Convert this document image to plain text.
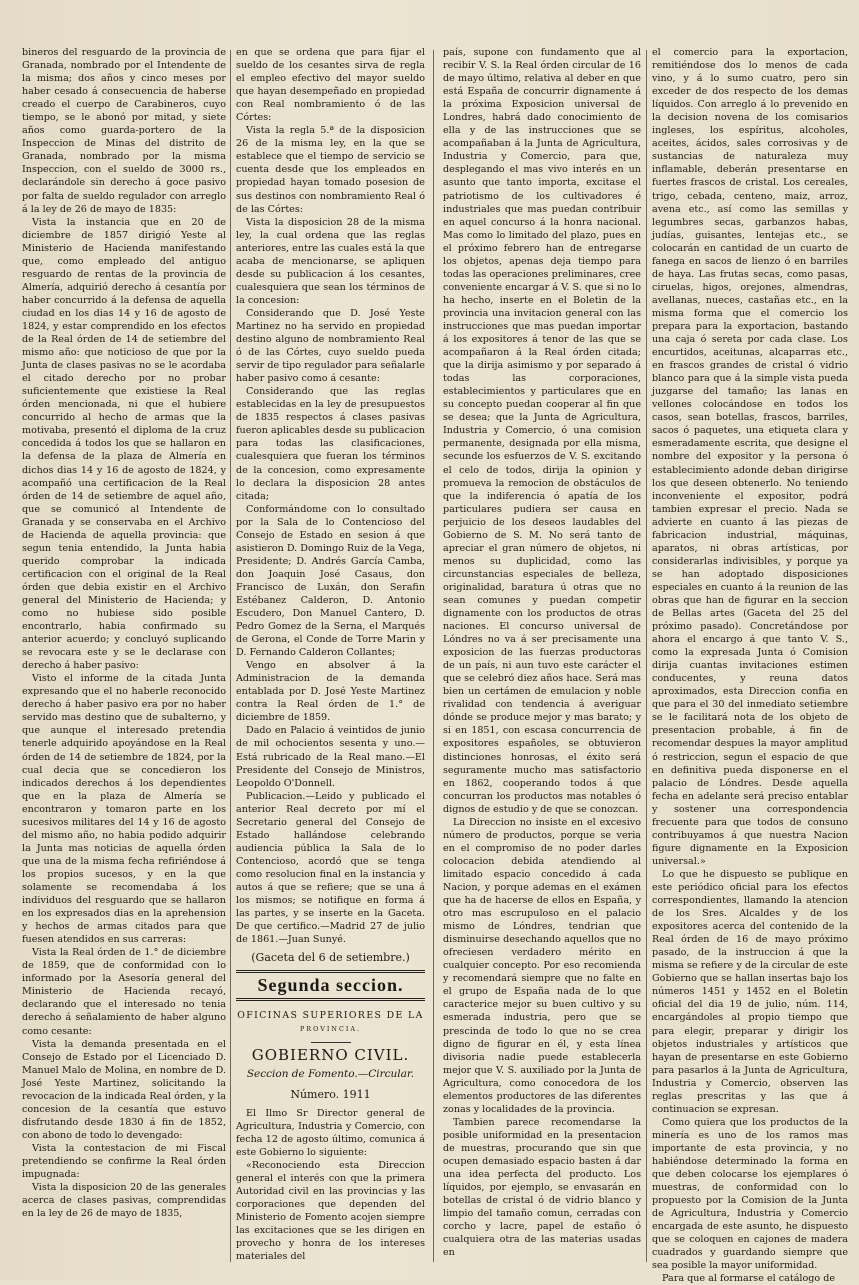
bineros del resguardo de la provincia de Granada, nombrado por el Intendente de la misma; dos años y cinco meses por haber cesado á consecuencia de haberse creado el cuerpo de Carabineros, cuyo tiempo, se le abonó por mitad, y siete años como guarda-portero de la Inspeccion de Minas del distrito de Granada, nombrado por la misma Inspeccion, con el sueldo de 3000 rs., declarándole sin derecho á goce pasivo por falta de sueldo regulador con arreglo á la ley de 26 de mayo de 1835:

Vista la instancia que en 20 de diciembre de 1857 dirigió Yeste al Ministerio de Hacienda manifestando que, como empleado del antiguo resguardo de rentas de la provincia de Almería, adquirió derecho á cesantía por haber concurrido á la defensa de aquella ciudad en los dias 14 y 16 de agosto de 1824, y estar comprendido en los efectos de la Real órden de 14 de setiembre del mismo año: que noticioso de que por la Junta de clases pasivas no se le acordaba el citado derecho por no probar suficientemente que existiese la Real órden mencionada, ni que el hubiere concurrido al hecho de armas que la motivaba, presentó el diploma de la cruz concedida á todos los que se hallaron en la defensa de la plaza de Almería en dichos dias 14 y 16 de agosto de 1824, y acompañó una certificacion de la Real órden de 14 de setiembre de aquel año, que se comunicó al Intendente de Granada y se conservaba en el Archivo de Hacienda de aquella provincia: que segun tenia entendido, la Junta habia querido comprobar la indicada certificacion con el original de la Real órden que debia existir en el Archivo general del Ministerio de Hacienda; y como no hubiese sido posible encontrarlo, habia confirmado su anterior acuerdo; y concluyó suplicando se revocara este y se le declarase con derecho á haber pasivo:

Visto el informe de la citada Junta expresando que el no haberle reconocido derecho á haber pasivo era por no haber servido mas destino que de subalterno, y que aunque el interesado pretendia tenerle adquirido apoyándose en la Real órden de 14 de setiembre de 1824, por la cual decia que se concedieron los indicados derechos á los dependientes que en la plaza de Almería se encontraron y tomaron parte en los sucesivos militares del 14 y 16 de agosto del mismo año, no habia podido adquirir la Junta mas noticias de aquella órden que una de la misma fecha refiriéndose á los propios sucesos, y en la que solamente se recomendaba á los individuos del resguardo que se hallaron en los expresados dias en la aprehension y hechos de armas citados para que fuesen atendidos en sus carreras:

Vista la Real órden de 1.° de diciembre de 1859, que de conformidad con lo informado por la Asesoría general del Ministerio de Hacienda recayó, declarando que el interesado no tenia derecho á señalamiento de haber alguno como cesante:

Vista la demanda presentada en el Consejo de Estado por el Licenciado D. Manuel Malo de Molina, en nombre de D. José Yeste Martinez, solicitando la revocacion de la indicada Real órden, y la concesion de la cesantía que estuvo disfrutando desde 1830 á fin de 1852, con abono de todo lo devengado:

Vista la contestacion de mi Fiscal pretendiendo se confirme la Real órden impugnada:

Vista la disposicion 20 de las generales acerca de clases pasivas, comprendidas en la ley de 26 de mayo de 1835,

en que se ordena que para fijar el sueldo de los cesantes sirva de regla el empleo efectivo del mayor sueldo que hayan desempeñado en propiedad con Real nombramiento ó de las Córtes:

Vista la regla 5.ª de la disposicion 26 de la misma ley, en la que se establece que el tiempo de servicio se cuenta desde que los empleados en propiedad hayan tomado posesion de sus destinos con nombramiento Real ó de las Córtes:

Vista la disposicion 28 de la misma ley, la cual ordena que las reglas anteriores, entre las cuales está la que acaba de mencionarse, se apliquen desde su publicacion á los cesantes, cualesquiera que sean los términos de la concesion:

Considerando que D. José Yeste Martinez no ha servido en propiedad destino alguno de nombramiento Real ó de las Córtes, cuyo sueldo pueda servir de tipo regulador para señalarle haber pasivo como á cesante:

Considerando que las reglas establecidas en la ley de presupuestos de 1835 respectos á clases pasivas fueron aplicables desde su publicacion para todas las clasificaciones, cualesquiera que fueran los términos de la concesion, como expresamente lo declara la disposicion 28 antes citada;

Conformándome con lo consultado por la Sala de lo Contencioso del Consejo de Estado en sesion á que asistieron D. Domingo Ruiz de la Vega, Presidente; D. Andrés García Camba, don Joaquin José Casaus, don Francisco de Luxán, don Serafin Estébanez Calderon, D. Antonio Escudero, Don Manuel Cantero, D. Pedro Gomez de la Serna, el Marqués de Gerona, el Conde de Torre Marin y D. Fernando Calderon Collantes;

Vengo en absolver á la Administracion de la demanda entablada por D. José Yeste Martinez contra la Real órden de 1.° de diciembre de 1859.

Dado en Palacio á veintidos de junio de mil ochocientos sesenta y uno.—Está rubricado de la Real mano.—El Presidente del Consejo de Ministros, Leopoldo O'Donnell.

Publicacion.—Leido y publicado el anterior Real decreto por mí el Secretario general del Consejo de Estado hallándose celebrando audiencia pública la Sala de lo Contencioso, acordó que se tenga como resolucion final en la instancia y autos á que se refiere; que se una á los mismos; se notifique en forma á las partes, y se inserte en la Gaceta. De que certifico.—Madrid 27 de julio de 1861.—Juan Sunyé.

(Gaceta del 6 de setiembre.)
Segunda seccion.
OFICINAS SUPERIORES DE LA
PROVINCIA.
GOBIERNO CIVIL.
Seccion de Fomento.—Circular.
Número. 1911

El Ilmo Sr Director general de Agricultura, Industria y Comercio, con fecha 12 de agosto último, comunica á este Gobierno lo siguiente:

«Reconociendo esta Direccion general el interés con que la primera Autoridad civil en las provincias y las corporaciones que dependen del Ministerio de Fomento acojen siempre las excitaciones que se les dirigen en provecho y honra de los intereses materiales del

país, supone con fundamento que al recibir V. S. la Real órden circular de 16 de mayo último, relativa al deber en que está España de concurrir dignamente á la próxima Exposicion universal de Londres, habrá dado conocimiento de ella y de las instrucciones que se acompañaban á la Junta de Agricultura, Industria y Comercio, para que, desplegando el mas vivo interés en un asunto que tanto importa, excitase el patriotismo de los cultivadores é industriales que mas puedan contribuir en aquel concurso á la honra nacional. Mas como lo limitado del plazo, pues en el próximo febrero han de entregarse los objetos, apenas deja tiempo para todas las operaciones preliminares, cree conveniente encargar á V. S. que si no lo ha hecho, inserte en el Boletin de la provincia una invitacion general con las instrucciones que mas puedan importar á los expositores á tenor de las que se acompañaron á la Real órden citada; que la dirija asimismo y por separado á todas las corporaciones, establecimientos y particulares que en su concepto puedan cooperar al fin que se desea; que la Junta de Agricultura, Industria y Comercio, ó una comision permanente, designada por ella misma, secunde los esfuerzos de V. S. excitando el celo de todos, dirija la opinion y promueva la remocion de obstáculos de que la indiferencia ó apatía de los particulares pudiera ser causa en perjuicio de los deseos laudables del Gobierno de S. M. No será tanto de apreciar el gran número de objetos, ni menos su duplicidad, como las circunstancias especiales de belleza, originalidad, baratura ú otras que no sean comunes y puedan competir dignamente con los productos de otras naciones. El concurso universal de Lóndres no va á ser precisamente una exposicion de las fuerzas productoras de un país, ni aun tuvo este carácter el que se celebró diez años hace. Será mas bien un certámen de emulacion y noble rivalidad con tendencia á averiguar dónde se produce mejor y mas barato; y si en 1851, con escasa concurrencia de expositores españoles, se obtuvieron distinciones honrosas, el éxito será seguramente mucho mas satisfactorio en 1862, cooperando todos á que concurran los productos mas notables ó dignos de estudio y de que se conozcan.

La Direccion no insiste en el excesivo número de productos, porque se veria en el compromiso de no poder darles colocacion debida atendiendo al limitado espacio concedido á cada Nacion, y porque ademas en el exámen que ha de hacerse de ellos en España, y otro mas escrupuloso en el palacio mismo de Lóndres, tendrian que disminuirse desechando aquellos que no ofreciesen verdadero mérito en cualquier concepto. Por eso recomienda y recomendará siempre que no falte en el grupo de España nada de lo que caracterice mejor su buen cultivo y su esmerada industria, pero que se prescinda de todo lo que no se crea digno de figurar en él, y esta línea divisoria nadie puede establecerla mejor que V. S. auxiliado por la Junta de Agricultura, como conocedora de los elementos productores de las diferentes zonas y localidades de la provincia.

Tambien parece recomendarse la posible uniformidad en la presentacion de muestras, procurando que sin que ocupen demasiado espacio basten á dar una idea perfecta del producto. Los líquidos, por ejemplo, se envasarán en botellas de cristal ó de vidrio blanco y limpio del tamaño comun, cerradas con corcho y lacre, papel de estaño ó cualquiera otra de las materias usadas en

el comercio para la exportacion, remitiéndose dos lo menos de cada vino, y á lo sumo cuatro, pero sin exceder de dos respecto de los demas líquidos. Con arreglo á lo prevenido en la decision novena de los comisarios ingleses, los espíritus, alcoholes, aceites, ácidos, sales corrosivas y de sustancias de naturaleza muy inflamable, deberán presentarse en fuertes frascos de cristal. Los cereales, trigo, cebada, centeno, maiz, arroz, avena etc., así como las semillas y legumbres secas, garbanzos habas, judías, guisantes, lentejas etc., se colocarán en cantidad de un cuarto de fanega en sacos de lienzo ó en barriles de haya. Las frutas secas, como pasas, ciruelas, higos, orejones, almendras, avellanas, nueces, castañas etc., en la misma forma que el comercio los prepara para la exportacion, bastando una caja ó sereta por cada clase. Los encurtidos, aceitunas, alcaparras etc., en frascos grandes de cristal ó vidrio blanco para que á la simple vista pueda juzgarse del tamaño; las lanas en vellones colocándose en todos los casos, sean botellas, frascos, barriles, sacos ó paquetes, una etiqueta clara y esmeradamente escrita, que designe el nombre del expositor y la persona ó establecimiento adonde deban dirigirse los que deseen obtenerlo. No teniendo inconveniente el expositor, podrá tambien expresar el precio. Nada se advierte en cuanto á las piezas de fabricacion industrial, máquinas, aparatos, ni obras artísticas, por considerarlas indivisibles, y porque ya se han adoptado disposiciones especiales en cuanto á la reunion de las obras que han de figurar en la seccion de Bellas artes (Gaceta del 25 del próximo pasado). Concretándose por ahora el encargo á que tanto V. S., como la expresada Junta ó Comision dirija cuantas invitaciones estimen conducentes, y reuna datos aproximados, esta Direccion confia en que para el 30 del inmediato setiembre se le facilitará nota de los objeto de presentacion probable, á fin de recomendar despues la mayor amplitud ó restriccion, segun el espacio de que en definitiva pueda disponerse en el palacio de Lóndres. Desde aquella fecha en adelante será preciso entablar y sostener una correspondencia frecuente para que todos de consuno contribuyamos á que nuestra Nacion figure dignamente en la Exposicion universal.»

Lo que he dispuesto se publique en este periódico oficial para los efectos correspondientes, llamando la atencion de los Sres. Alcaldes y de los expositores acerca del contenido de la Real órden de 16 de mayo próximo pasado, de la instruccion á que la misma se refiere y de la circular de este Gobierno que se hallan insertas bajo los números 1451 y 1452 en el Boletin oficial del dia 19 de julio, núm. 114, encargándoles al propio tiempo que para elegir, preparar y dirigir los objetos industriales y artísticos que hayan de presentarse en este Gobierno para pasarlos á la Junta de Agricultura, Industria y Comercio, observen las reglas prescritas y las que á continuacion se expresan.

Como quiera que los productos de la minería es uno de los ramos mas importante de esta provincia, y no habiéndose determinado la forma en que deben colocarse los ejemplares ó muestras, de conformidad con lo propuesto por la Comision de la Junta de Agricultura, Industria y Comercio encargada de este asunto, he dispuesto que se coloquen en cajones de madera cuadrados y guardando siempre que sea posible la mayor uniformidad.

Para que al formarse el catálogo de
